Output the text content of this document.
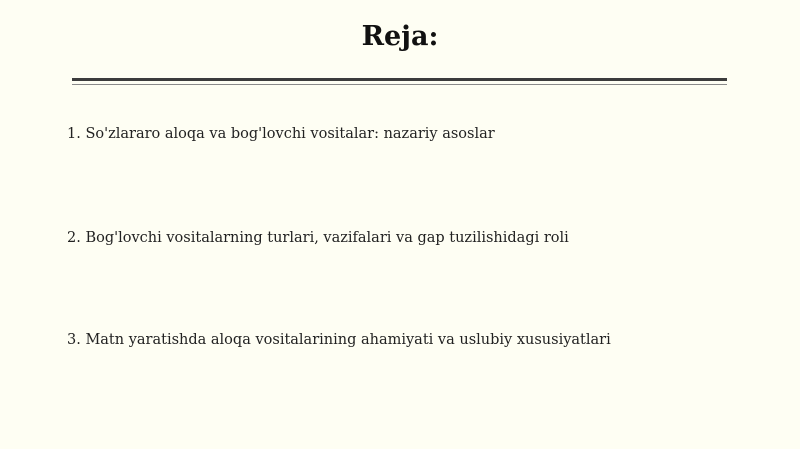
Reja:
1. So'zlararo aloqa va bog'lovchi vositalar: nazariy asoslar
2. Bog'lovchi vositalarning turlari, vazifalari va gap tuzilishidagi roli
3. Matn yaratishda aloqa vositalarining ahamiyati va uslubiy xususiyatlari
